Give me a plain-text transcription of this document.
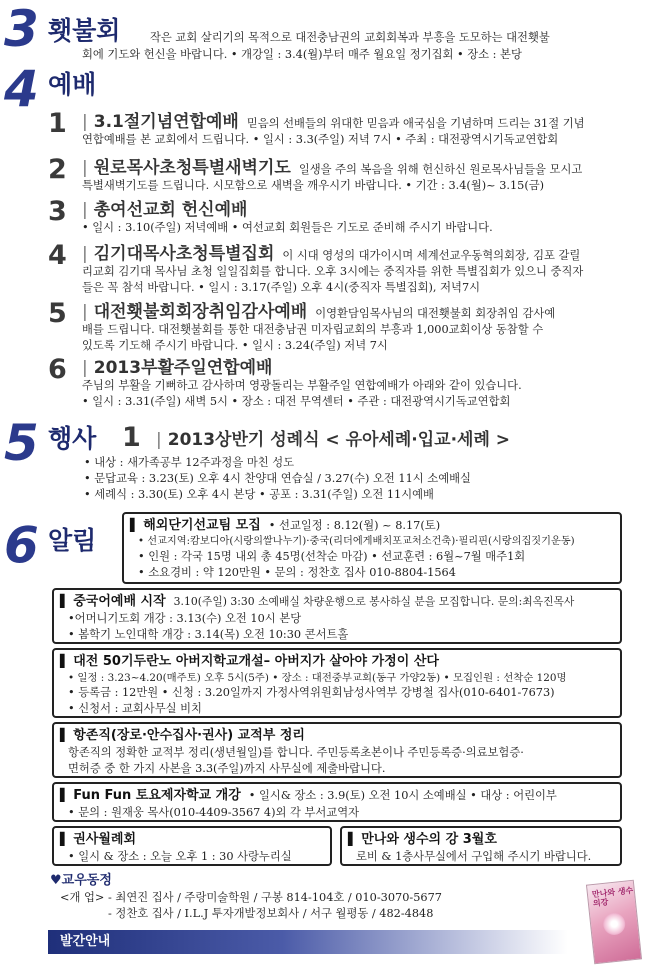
3 횃불회	작은 교회 살리기의 목적으로 대전충남권의 교회회복과 부흥을 도모하는 대전횃불
회에 기도와 헌신을 바랍니다. • 개강일 : 3.4(월)부터 매주 월요일 정기집회 • 장소 : 본당
4 예배
1 | 3.1절기념연합예배 믿음의 선배들의 위대한 믿음과 애국심을 기념하며 드리는 31절 기념
연합예배를 본 교회에서 드립니다. • 일시 : 3.3(주일) 저녁 7시 • 주최 : 대전광역시기독교연합회
2 | 원로목사초청특별새벽기도 일생을 주의 복음을 위해 헌신하신 원로목사님들을 모시고
특별새벽기도를 드립니다. 시모함으로 새벽을 깨우시기 바랍니다. • 기간 : 3.4(월)~ 3.15(금)
3 | 총여선교회 헌신예배
• 일시 : 3.10(주일) 저녁예배 • 여선교회 회원들은 기도로 준비해 주시기 바랍니다.
4 | 김기대목사초청특별집회 이 시대 영성의 대가이시며 세계선교우동혁의회장, 김포 갈릴
리교회 김기대 목사님 초청 일일집회를 합니다. 오후 3시에는 중직자를 위한 특별집회가 있으니 중직자
들은 꼭 참석 바랍니다. • 일시 : 3.17(주일) 오후 4시(중직자 특별집회), 저녁7시
5 | 대전횃불회회장취임감사예배 이영환담임목사님의 대전횃불회 회장취임 감사예
배를 드립니다. 대전횃불회를 통한 대전충남권 미자립교회의 부흥과 1,000교회이상 동참할 수
있도록 기도해 주시기 바랍니다. • 일시 : 3.24(주일) 저녁 7시
6 | 2013부활주일연합예배
주님의 부활을 기뻐하고 감사하며 영광돌리는 부활주일 연합예배가 아래와 같이 있습니다.
• 일시 : 3.31(주일) 새벽 5시 • 장소 : 대전 무역센터 • 주관 : 대전광역시기독교연합회
5 행사 1 | 2013상반기 성례식 < 유아세례·입교·세례 >
• 내상 : 새가족공부 12주과정을 마친 성도
• 문답교육 : 3.23(토) 오후 4시 찬양대 연습실 / 3.27(수) 오전 11시 소예배실
• 세례식 : 3.30(토) 오후 4시 본당 • 공포 : 3.31(주일) 오전 11시예배
6 알림
▌ 해외단기선교팀 모집 • 선교일정 : 8.12(월) ~ 8.17(토)
• 선교지역:캄보디아(시랑의쌀나누기)·중국(리더에게배치포교처소건축)·필리핀(시랑의집짓기운동)
• 인원 : 각국 15명 내외 총 45명(선착순 마감) • 선교훈련 : 6월~7월 매주1회
• 소요경비 : 약 120만원 • 문의 : 정찬호 집사 010-8804-1564
▌ 중국어예배 시작 3.10(주일) 3:30 소예배실 차량운행으로 봉사하실 분을 모집합니다. 문의:최옥진목사
•어머니기도회 개강 : 3.13(수) 오전 10시 본당
• 봄학기 노인대학 개강 : 3.14(목) 오전 10:30 콘서트홀
▌ 대전 50기두란노 아버지학교개설– 아버지가 살아야 가정이 산다
• 일정 : 3.23~4.20(매주토) 오후 5시(5주) • 장소 : 대전중부교회(동구 가양2동) • 모집인원 : 선착순 120명
• 등록금 : 12만원 • 신청 : 3.20일까지 가정사역위원회남성사역부 강병철 집사(010-6401-7673)
• 신청서 : 교회사무실 비치
▌ 항존직(장로·안수집사·권사) 교적부 정리
항존직의 정확한 교적부 정리(생년월일)를 합니다. 주민등록초본이나 주민등록증·의료보험증·
면허증 중 한 가지 사본을 3.3(주일)까지 사무실에 제출바랍니다.
▌ Fun Fun 토요제자학교 개강 • 일시& 장소 : 3.9(토) 오전 10시 소예배실 • 대상 : 어린이부
• 문의 : 원재웅 목사(010-4409-3567 4)외 각 부서교역자
▌ 권사월례회
• 일시 & 장소 : 오늘 오후 1 : 30 사랑누리실
▌ 만나와 생수의 강 3월호
로비 & 1층사무실에서 구입해 주시기 바랍니다.
♥교우동정
<개 업> - 최연진 집사 / 주랑미술학원 / 구봉 814-104호 / 010-3070-5677
- 정찬호 집사 / I.L.J 투자개발정보회사 / 서구 월평동 / 482-4848
발간안내
만나와 생수의강
